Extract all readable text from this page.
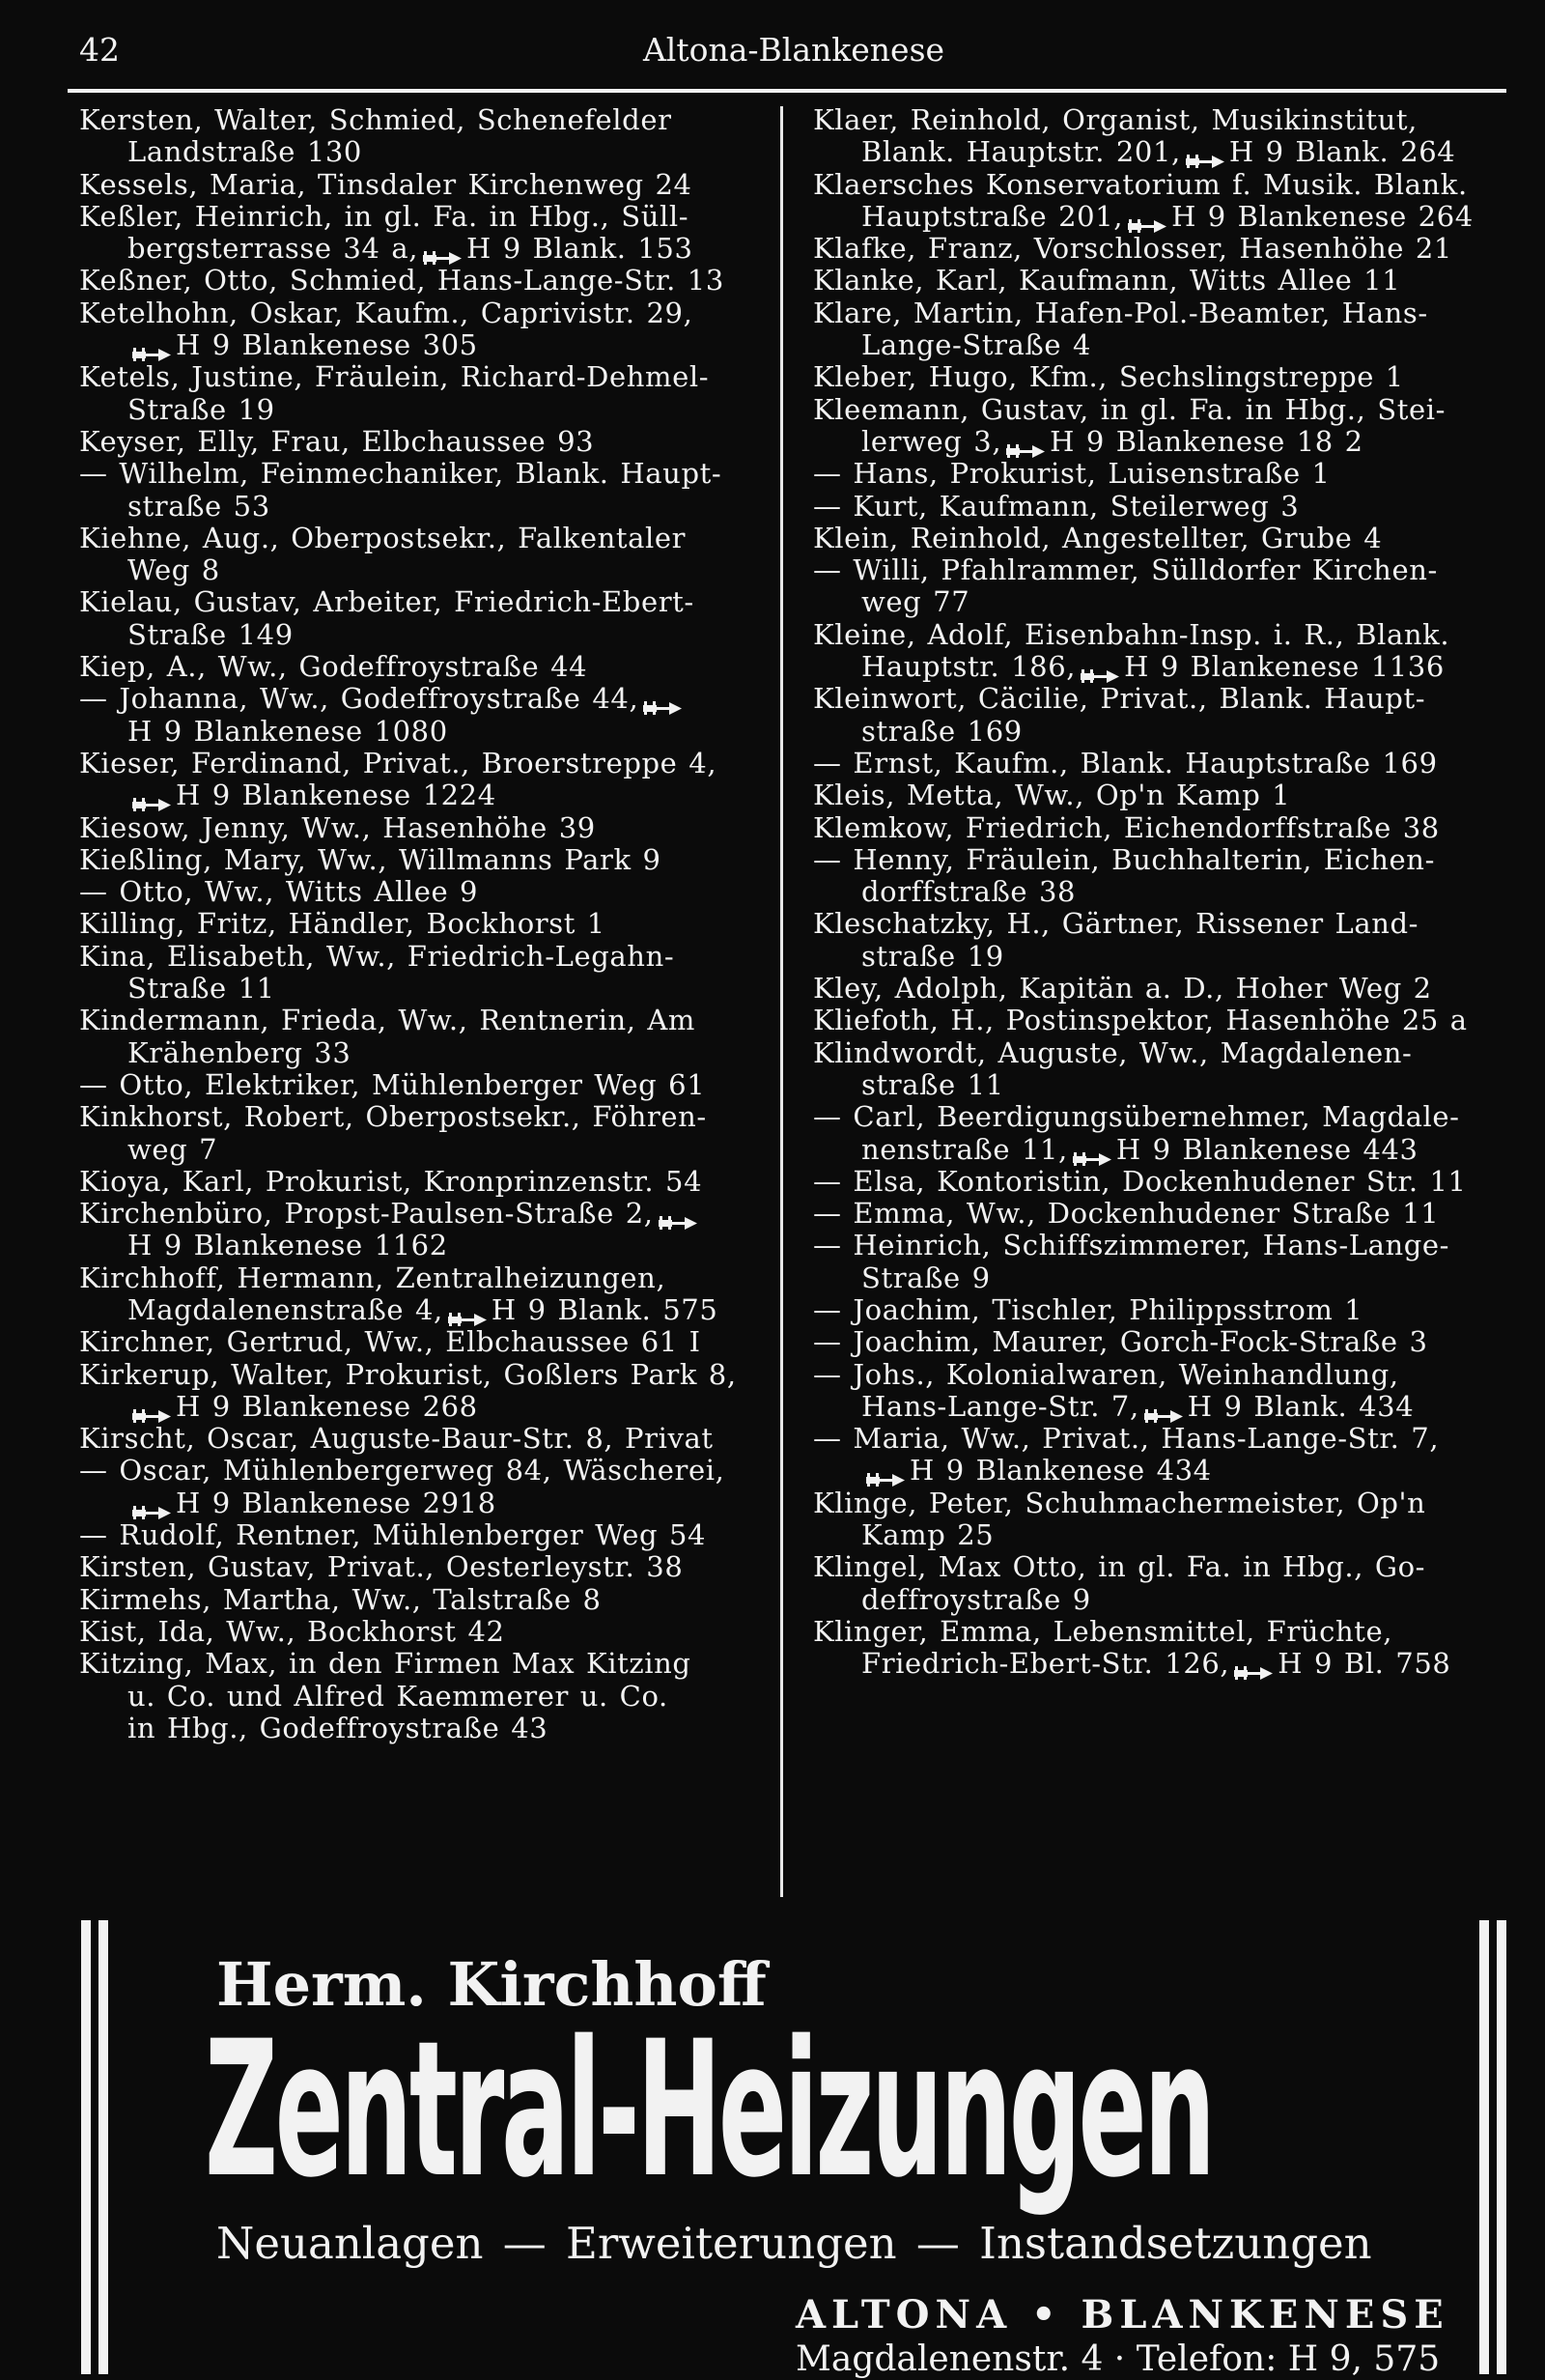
42	Altona-Blankenese
Kersten, Walter, Schmied, Schenefelder
Landstraße 130
Kessels, Maria, Tinsdaler Kirchenweg 24
Keßler, Heinrich, in gl. Fa. in Hbg., Süll-
bergsterrasse 34 a, H 9 Blank. 153
Keßner, Otto, Schmied, Hans-Lange-Str. 13
Ketelhohn, Oskar, Kaufm., Caprivistr. 29,
H 9 Blankenese 305
Ketels, Justine, Fräulein, Richard-Dehmel-
Straße 19
Keyser, Elly, Frau, Elbchaussee 93
— Wilhelm, Feinmechaniker, Blank. Haupt-
straße 53
Kiehne, Aug., Oberpostsekr., Falkentaler
Weg 8
Kielau, Gustav, Arbeiter, Friedrich-Ebert-
Straße 149
Kiep, A., Ww., Godeffroystraße 44
— Johanna, Ww., Godeffroystraße 44,
H 9 Blankenese 1080
Kieser, Ferdinand, Privat., Broerstreppe 4,
H 9 Blankenese 1224
Kiesow, Jenny, Ww., Hasenhöhe 39
Kießling, Mary, Ww., Willmanns Park 9
— Otto, Ww., Witts Allee 9
Killing, Fritz, Händler, Bockhorst 1
Kina, Elisabeth, Ww., Friedrich-Legahn-
Straße 11
Kindermann, Frieda, Ww., Rentnerin, Am
Krähenberg 33
— Otto, Elektriker, Mühlenberger Weg 61
Kinkhorst, Robert, Oberpostsekr., Föhren-
weg 7
Kioya, Karl, Prokurist, Kronprinzenstr. 54
Kirchenbüro, Propst-Paulsen-Straße 2,
H 9 Blankenese 1162
Kirchhoff, Hermann, Zentralheizungen,
Magdalenenstraße 4, H 9 Blank. 575
Kirchner, Gertrud, Ww., Elbchaussee 61 I
Kirkerup, Walter, Prokurist, Goßlers Park 8,
H 9 Blankenese 268
Kirscht, Oscar, Auguste-Baur-Str. 8, Privat
— Oscar, Mühlenbergerweg 84, Wäscherei,
H 9 Blankenese 2918
— Rudolf, Rentner, Mühlenberger Weg 54
Kirsten, Gustav, Privat., Oesterleystr. 38
Kirmehs, Martha, Ww., Talstraße 8
Kist, Ida, Ww., Bockhorst 42
Kitzing, Max, in den Firmen Max Kitzing
u. Co. und Alfred Kaemmerer u. Co.
in Hbg., Godeffroystraße 43
Klaer, Reinhold, Organist, Musikinstitut,
Blank. Hauptstr. 201, H 9 Blank. 264
Klaersches Konservatorium f. Musik. Blank.
Hauptstraße 201, H 9 Blankenese 264
Klafke, Franz, Vorschlosser, Hasenhöhe 21
Klanke, Karl, Kaufmann, Witts Allee 11
Klare, Martin, Hafen-Pol.-Beamter, Hans-
Lange-Straße 4
Kleber, Hugo, Kfm., Sechslingstreppe 1
Kleemann, Gustav, in gl. Fa. in Hbg., Stei-
lerweg 3, H 9 Blankenese 18 2
— Hans, Prokurist, Luisenstraße 1
— Kurt, Kaufmann, Steilerweg 3
Klein, Reinhold, Angestellter, Grube 4
— Willi, Pfahlrammer, Sülldorfer Kirchen-
weg 77
Kleine, Adolf, Eisenbahn-Insp. i. R., Blank.
Hauptstr. 186, H 9 Blankenese 1136
Kleinwort, Cäcilie, Privat., Blank. Haupt-
straße 169
— Ernst, Kaufm., Blank. Hauptstraße 169
Kleis, Metta, Ww., Op'n Kamp 1
Klemkow, Friedrich, Eichendorffstraße 38
— Henny, Fräulein, Buchhalterin, Eichen-
dorffstraße 38
Kleschatzky, H., Gärtner, Rissener Land-
straße 19
Kley, Adolph, Kapitän a. D., Hoher Weg 2
Kliefoth, H., Postinspektor, Hasenhöhe 25 a
Klindwordt, Auguste, Ww., Magdalenen-
straße 11
— Carl, Beerdigungsübernehmer, Magdale-
nenstraße 11, H 9 Blankenese 443
— Elsa, Kontoristin, Dockenhudener Str. 11
— Emma, Ww., Dockenhudener Straße 11
— Heinrich, Schiffszimmerer, Hans-Lange-
Straße 9
— Joachim, Tischler, Philippsstrom 1
— Joachim, Maurer, Gorch-Fock-Straße 3
— Johs., Kolonialwaren, Weinhandlung,
Hans-Lange-Str. 7, H 9 Blank. 434
— Maria, Ww., Privat., Hans-Lange-Str. 7,
H 9 Blankenese 434
Klinge, Peter, Schuhmachermeister, Op'n
Kamp 25
Klingel, Max Otto, in gl. Fa. in Hbg., Go-
deffroystraße 9
Klinger, Emma, Lebensmittel, Früchte,
Friedrich-Ebert-Str. 126, H 9 Bl. 758
Herm. Kirchhoff
Zentral-Heizungen
Neuanlagen — Erweiterungen — Instandsetzungen
ALTONA • BLANKENESE
Magdalenenstr. 4 · Telefon: H 9, 575
